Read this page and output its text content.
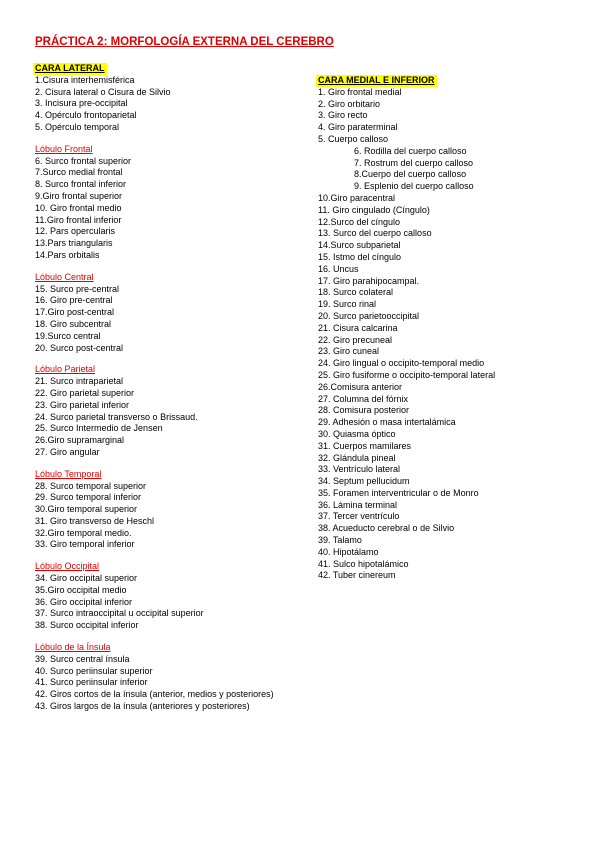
PRÁCTICA 2: MORFOLOGÍA EXTERNA DEL CEREBRO
CARA LATERAL
1.Cisura interhemisférica
2. Cisura lateral o Cisura de Silvio
3. Incisura pre-occipital
4. Opérculo frontoparietal
5. Opérculo temporal
Lóbulo Frontal
6. Surco frontal superior
7.Surco medial frontal
8. Surco frontal inferior
9.Giro frontal superior
10. Giro frontal medio
11.Giro frontal inferior
12. Pars opercularis
13.Pars triangularis
14.Pars orbitalis
Lóbulo Central
15. Surco pre-central
16. Giro pre-central
17.Giro post-central
18. Giro subcentral
19.Surco central
20. Surco post-central
Lóbulo Parietal
21. Surco intraparietal
22. Giro parietal superior
23. Giro parietal inferior
24. Surco parietal transverso o Brissaud.
25. Surco Intermedio de Jensen
26.Giro supramarginal
27. Giro angular
Lóbulo Temporal
28. Surco temporal superior
29. Surco temporal inferior
30.Giro temporal superior
31. Giro transverso de Heschl
32.Giro temporal medio.
33. Giro temporal inferior
Lóbulo Occipital
34. Giro occipital superior
35.Giro occipital medio
36. Giro occipital inferior
37. Surco intraoccipital u occipital superior
38. Surco occipital inferior
Lóbulo de la Ínsula
39. Surco central ínsula
40. Surco periinsular superior
41. Surco periinsular inferior
42. Giros cortos de la ínsula (anterior, medios y posteriores)
43. Giros largos de la ínsula (anteriores y posteriores)
CARA MEDIAL E INFERIOR
1. Giro frontal medial
2. Giro orbitario
3. Giro recto
4. Giro paraterminal
5. Cuerpo calloso
6. Rodilla del cuerpo calloso
7. Rostrum del cuerpo calloso
8.Cuerpo del cuerpo calloso
9. Esplenio del cuerpo calloso
10.Giro paracentral
11. Giro cingulado (Cíngulo)
12.Surco del cíngulo
13. Surco del cuerpo calloso
14.Surco subparietal
15. Istmo del cíngulo
16. Uncus
17. Giro parahipocampal.
18. Surco colateral
19. Surco rinal
20. Surco parietooccipital
21. Cisura calcarina
22. Giro precuneal
23. Giro cuneal
24. Giro lingual o occipito-temporal medio
25. Giro fusiforme o occipito-temporal lateral
26.Comisura anterior
27. Columna del fórnix
28. Comisura posterior
29. Adhesión o masa intertalámica
30. Quiasma óptico
31. Cuerpos mamilares
32. Glándula pineal
33. Ventrículo lateral
34. Septum pellucidum
35. Foramen interventricular o de Monro
36. Lámina terminal
37. Tercer ventrículo
38. Acueducto cerebral o de Silvio
39. Talamo
40. Hipotálamo
41. Sulco hipotalámico
42. Tuber cinereum
